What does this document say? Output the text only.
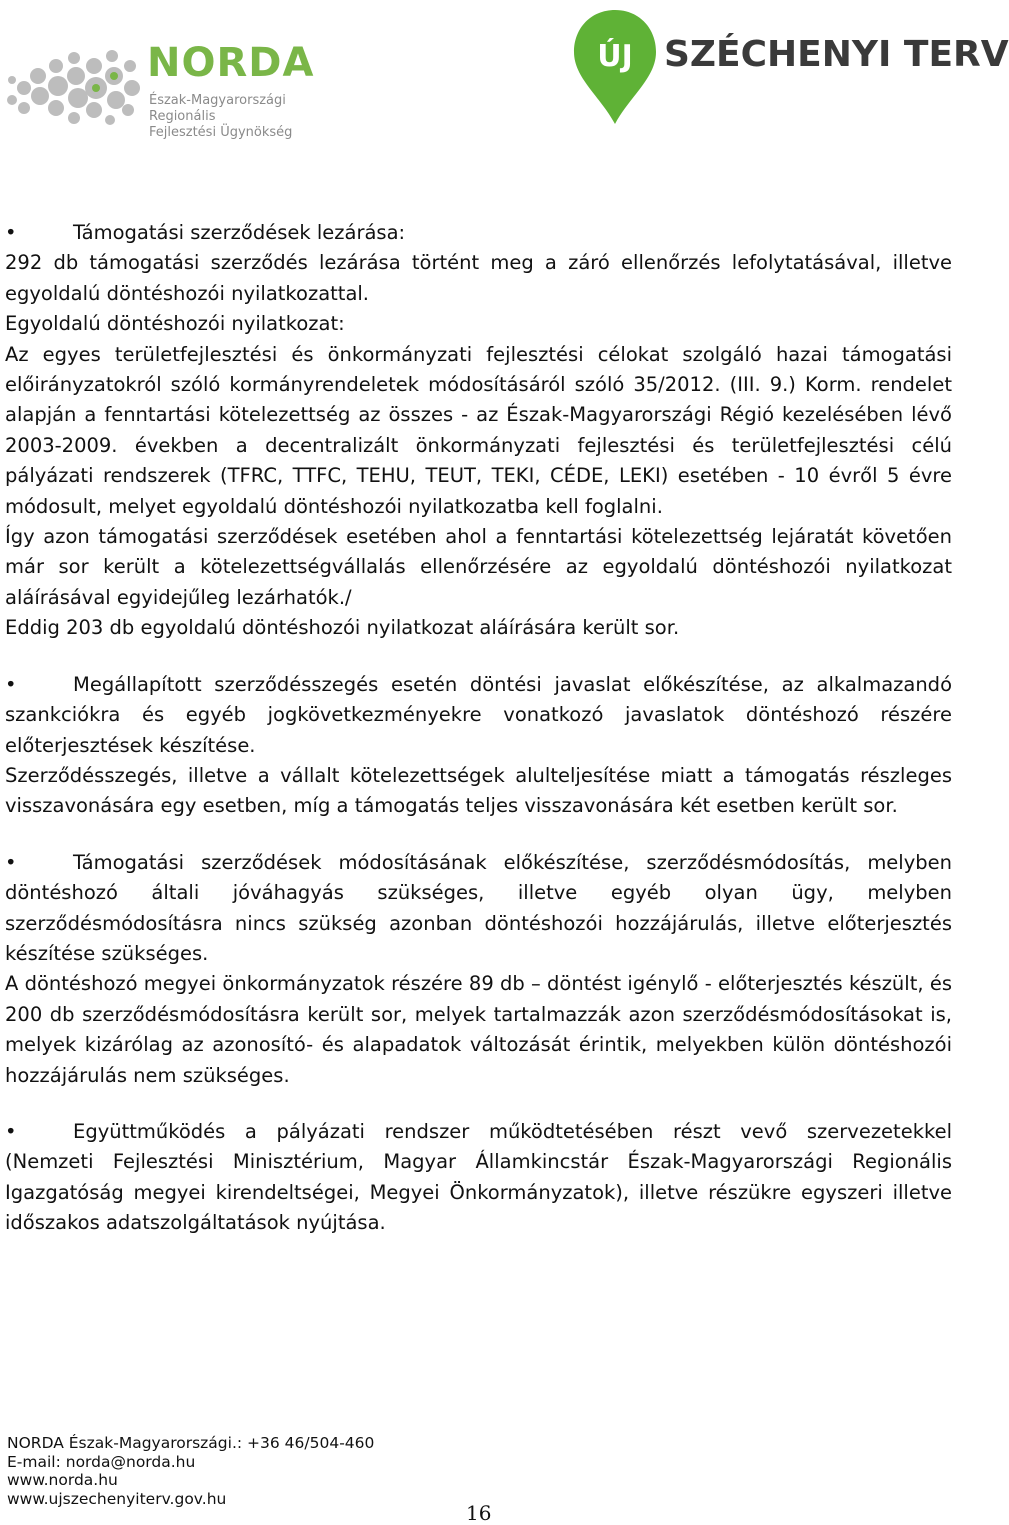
NORDA
Észak-Magyarországi Regionális
Fejlesztési Ügynökség
ÚJ SZÉCHENYI TERV

•	Támogatási szerződések lezárása:

292 db támogatási szerződés lezárása történt meg a záró ellenőrzés lefolytatásával, illetve egyoldalú döntéshozói nyilatkozattal.

Egyoldalú döntéshozói nyilatkozat:

Az egyes területfejlesztési és önkormányzati fejlesztési célokat szolgáló hazai támogatási előirányzatokról szóló kormányrendeletek módosításáról szóló 35/2012. (III. 9.) Korm. rendelet alapján a fenntartási kötelezettség az összes - az Észak-Magyarországi Régió kezelésében lévő 2003-2009. években a decentralizált önkormányzati fejlesztési és területfejlesztési célú pályázati rendszerek (TFRC, TTFC, TEHU, TEUT, TEKI, CÉDE, LEKI) esetében - 10 évről 5 évre módosult, melyet egyoldalú döntéshozói nyilatkozatba kell foglalni.

Így azon támogatási szerződések esetében ahol a fenntartási kötelezettség lejáratát követően már sor került a kötelezettségvállalás ellenőrzésére az egyoldalú döntéshozói nyilatkozat aláírásával egyidejűleg lezárhatók./

Eddig 203 db egyoldalú döntéshozói nyilatkozat aláírására került sor.

•	Megállapított szerződésszegés esetén döntési javaslat előkészítése, az alkalmazandó szankciókra és egyéb jogkövetkezményekre vonatkozó javaslatok döntéshozó részére előterjesztések készítése.

Szerződésszegés, illetve a vállalt kötelezettségek alulteljesítése miatt a támogatás részleges visszavonására egy esetben, míg a támogatás teljes visszavonására két esetben került sor.

•	Támogatási szerződések módosításának előkészítése, szerződésmódosítás, melyben döntéshozó általi jóváhagyás szükséges, illetve egyéb olyan ügy, melyben szerződésmódosításra nincs szükség azonban döntéshozói hozzájárulás, illetve előterjesztés készítése szükséges.

A döntéshozó megyei önkormányzatok részére 89 db – döntést igénylő - előterjesztés készült, és 200 db szerződésmódosításra került sor, melyek tartalmazzák azon szerződésmódosításokat is, melyek kizárólag az azonosító- és alapadatok változását érintik, melyekben külön döntéshozói hozzájárulás nem szükséges.

•	Együttműködés a pályázati rendszer működtetésében részt vevő szervezetekkel (Nemzeti Fejlesztési Minisztérium, Magyar Államkincstár Észak-Magyarországi Regionális Igazgatóság megyei kirendeltségei, Megyei Önkormányzatok), illetve részükre egyszeri illetve időszakos adatszolgáltatások nyújtása.

NORDA Észak-Magyarországi.: +36 46/504-460
E-mail: norda@norda.hu
www.norda.hu
www.ujszechenyiterv.gov.hu
16
